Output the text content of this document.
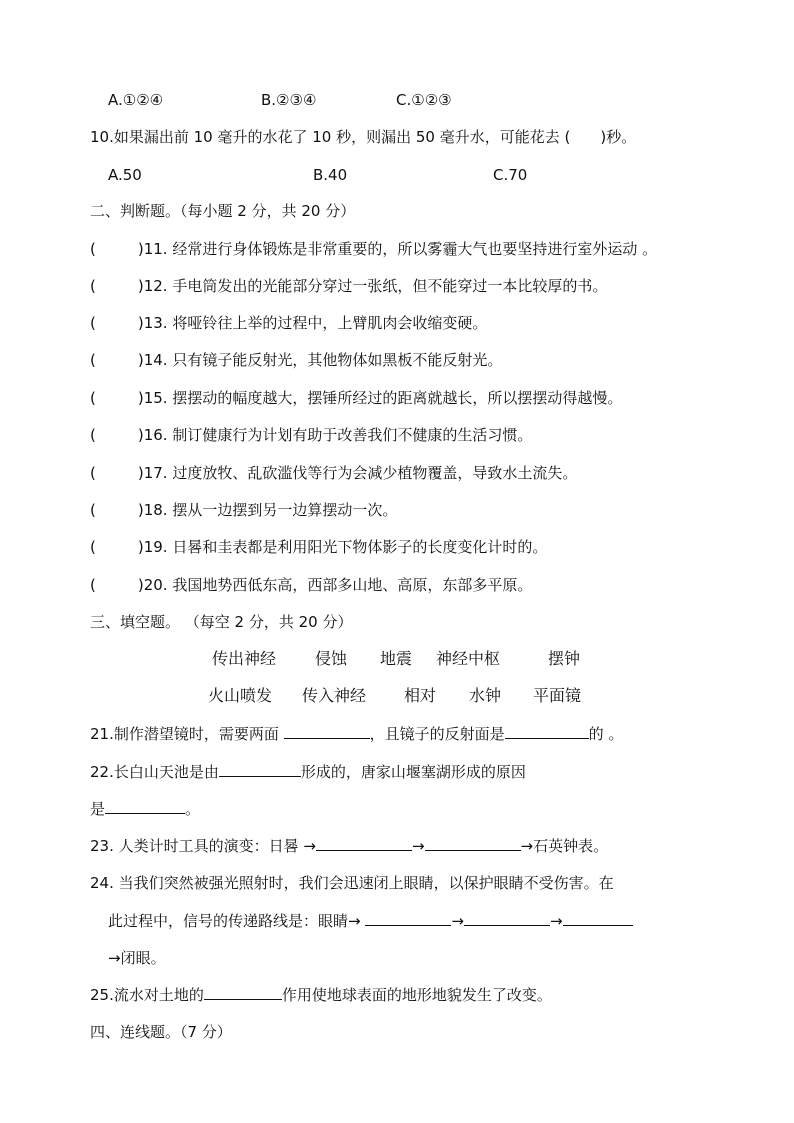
A.①②④	B.②③④	C.①②③
10.如果漏出前 10 毫升的水花了 10 秒，则漏出 50 毫升水，可能花去 ( )秒。
A.50	B.40	C.70
二、判断题。（每小题 2 分，共 20 分）
(	)11. 经常进行身体锻炼是非常重要的，所以雾霾大气也要坚持进行室外运动 。
(	)12. 手电筒发出的光能部分穿过一张纸，但不能穿过一本比较厚的书。
(	)13. 将哑铃往上举的过程中，上臂肌肉会收缩变硬。
(	)14. 只有镜子能反射光，其他物体如黑板不能反射光。
(	)15. 摆摆动的幅度越大，摆锤所经过的距离就越长，所以摆摆动得越慢。
(	)16. 制订健康行为计划有助于改善我们不健康的生活习惯。
(	)17. 过度放牧、乱砍滥伐等行为会减少植物覆盖，导致水土流失。
(	)18. 摆从一边摆到另一边算摆动一次。
(	)19. 日晷和圭表都是利用阳光下物体影子的长度变化计时的。
(	)20. 我国地势西低东高，西部多山地、高原，东部多平原。
三、填空题。 （每空 2 分，共 20 分）
传出神经 侵蚀 地震 神经中枢	摆钟
火山喷发 传入神经 相对 水钟 平面镜
21.制作潜望镜时，需要两面	，且镜子的反射面是	的 。
22.长白山天池是由	形成的，唐家山堰塞湖形成的原因
是	。
23. 人类计时工具的演变：日晷 →	→	→石英钟表。
24. 当我们突然被强光照射时，我们会迅速闭上眼睛，以保护眼睛不受伤害。在
此过程中，信号的传递路线是：眼睛→	→	→
→闭眼。
25.流水对土地的	作用使地球表面的地形地貌发生了改变。
四、连线题。（7 分）
